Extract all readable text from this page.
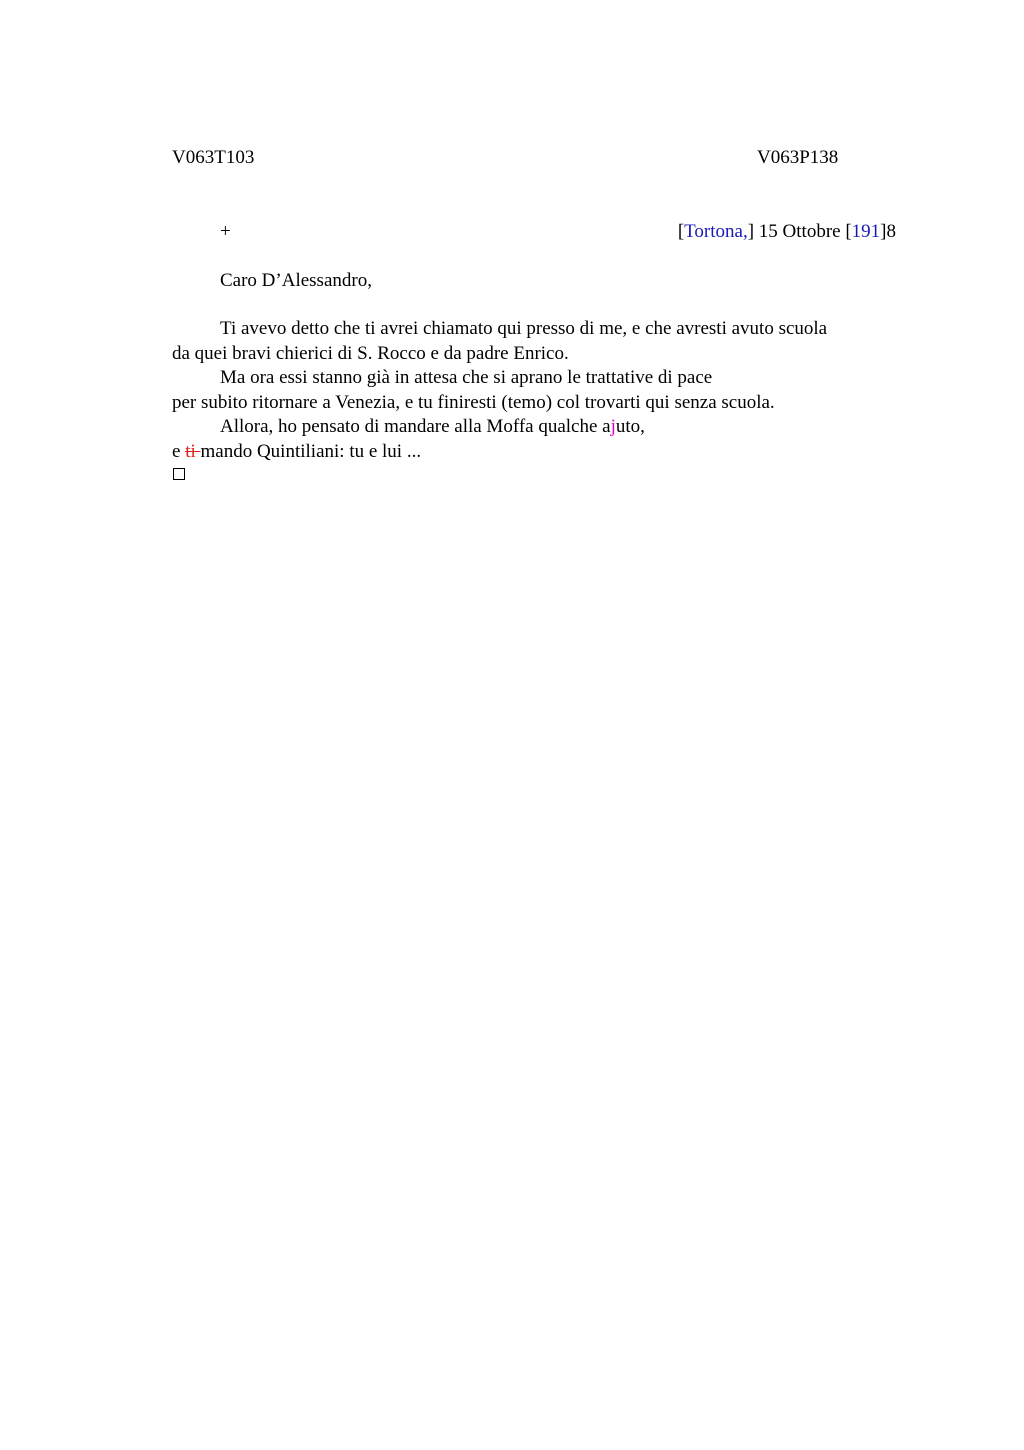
V063T103	V063P138
+	[Tortona,] 15 Ottobre [191]8
Caro D’Alessandro,
Ti avevo detto che ti avrei chiamato qui presso di me, e che avresti avuto scuola
da quei bravi chierici di S. Rocco e da padre Enrico.
Ma ora essi stanno già in attesa che si aprano le trattative di pace
per subito ritornare a Venezia, e tu finiresti (temo) col trovarti qui senza scuola.
Allora, ho pensato di mandare alla Moffa qualche ajuto,
e ti mando Quintiliani: tu e lui ...
